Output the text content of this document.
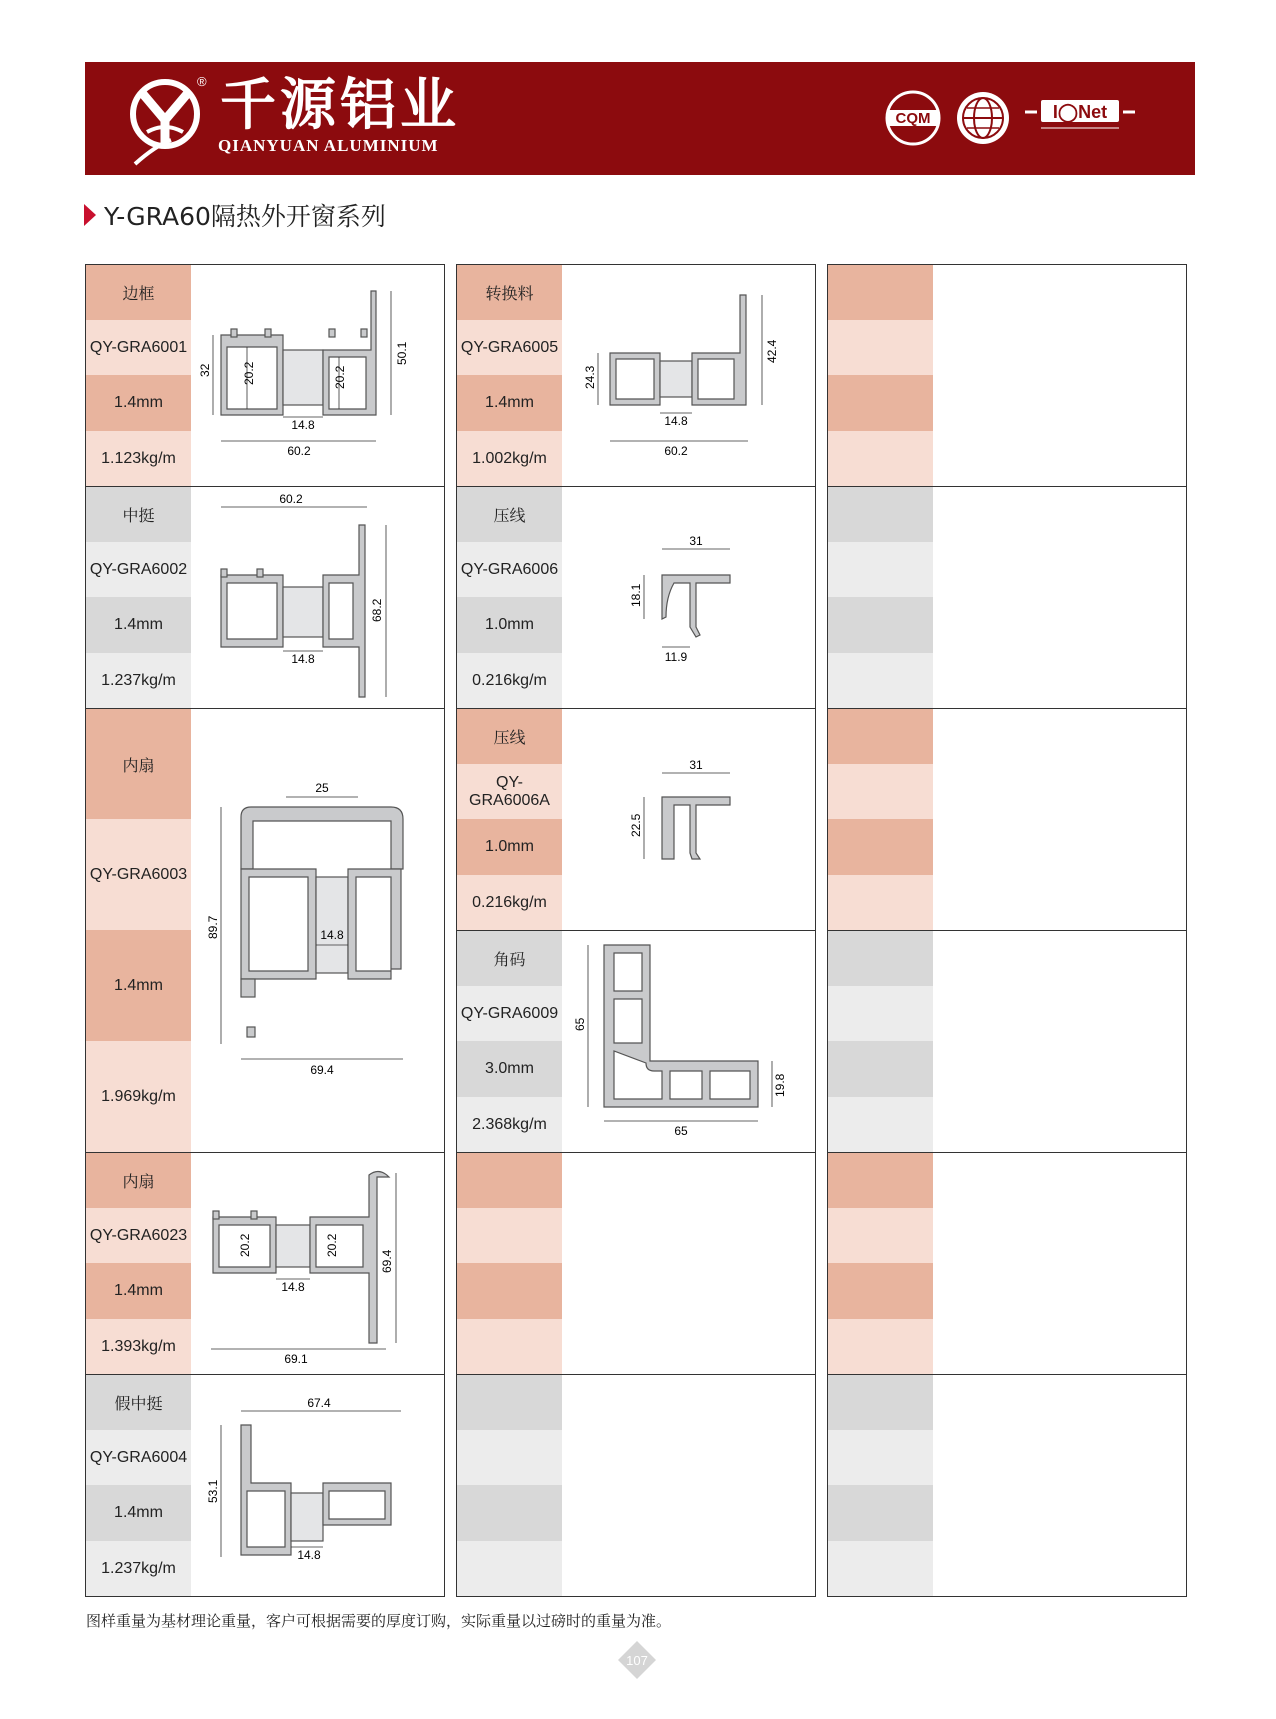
® 千源铝业
QIANYUAN ALUMINIUM
CQM	I◯Net
Y-GRA60隔热外开窗系列
边框
QY-GRA6001
1.4mm
1.123kg/m
32	20.2	20.2
50.1
14.8
60.2
中挺
QY-GRA6002
1.4mm
1.237kg/m
60.2
68.2
14.8
内扇
QY-GRA6003
1.4mm
1.969kg/m
25
89.7	14.8
69.4
内扇
QY-GRA6023
1.4mm
1.393kg/m
20.2	20.2
69.4
14.8
69.1
假中挺
QY-GRA6004
1.4mm
1.237kg/m
67.4
53.1
14.8
转换料
QY-GRA6005
1.4mm
1.002kg/m
24.3
42.4
14.8
60.2
压线
QY-GRA6006
1.0mm
0.216kg/m
31
18.1
11.9
压线
QY-GRA6006A
1.0mm
0.216kg/m
31
22.5
角码
QY-GRA6009
3.0mm
2.368kg/m
65
65
19.8
图样重量为基材理论重量，客户可根据需要的厚度订购，实际重量以过磅时的重量为准。
107
